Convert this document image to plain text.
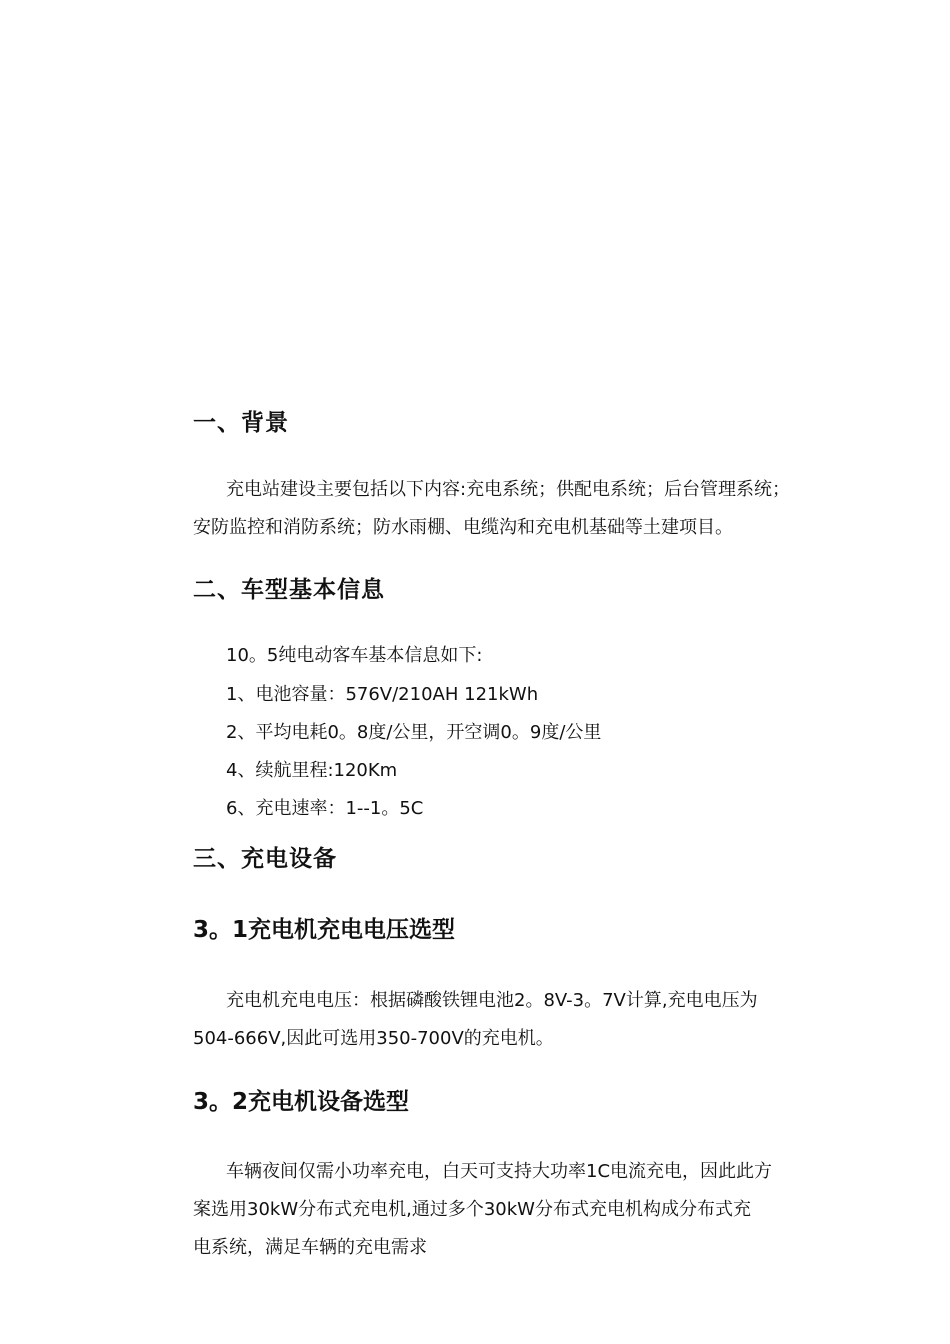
一、背景
充电站建设主要包括以下内容:充电系统；供配电系统；后台管理系统；
安防监控和消防系统；防水雨棚、电缆沟和充电机基础等土建项目。
二、车型基本信息
10。5纯电动客车基本信息如下:
1、电池容量：576V/210AH 121kWh
2、平均电耗0。8度/公里，开空调0。9度/公里
4、续航里程:120Km
6、充电速率：1--1。5C
三、充电设备
3。1充电机充电电压选型
充电机充电电压：根据磷酸铁锂电池2。8V-3。7V计算,充电电压为
504-666V,因此可选用350-700V的充电机。
3。2充电机设备选型
车辆夜间仅需小功率充电，白天可支持大功率1C电流充电，因此此方
案选用30kW分布式充电机,通过多个30kW分布式充电机构成分布式充
电系统，满足车辆的充电需求
